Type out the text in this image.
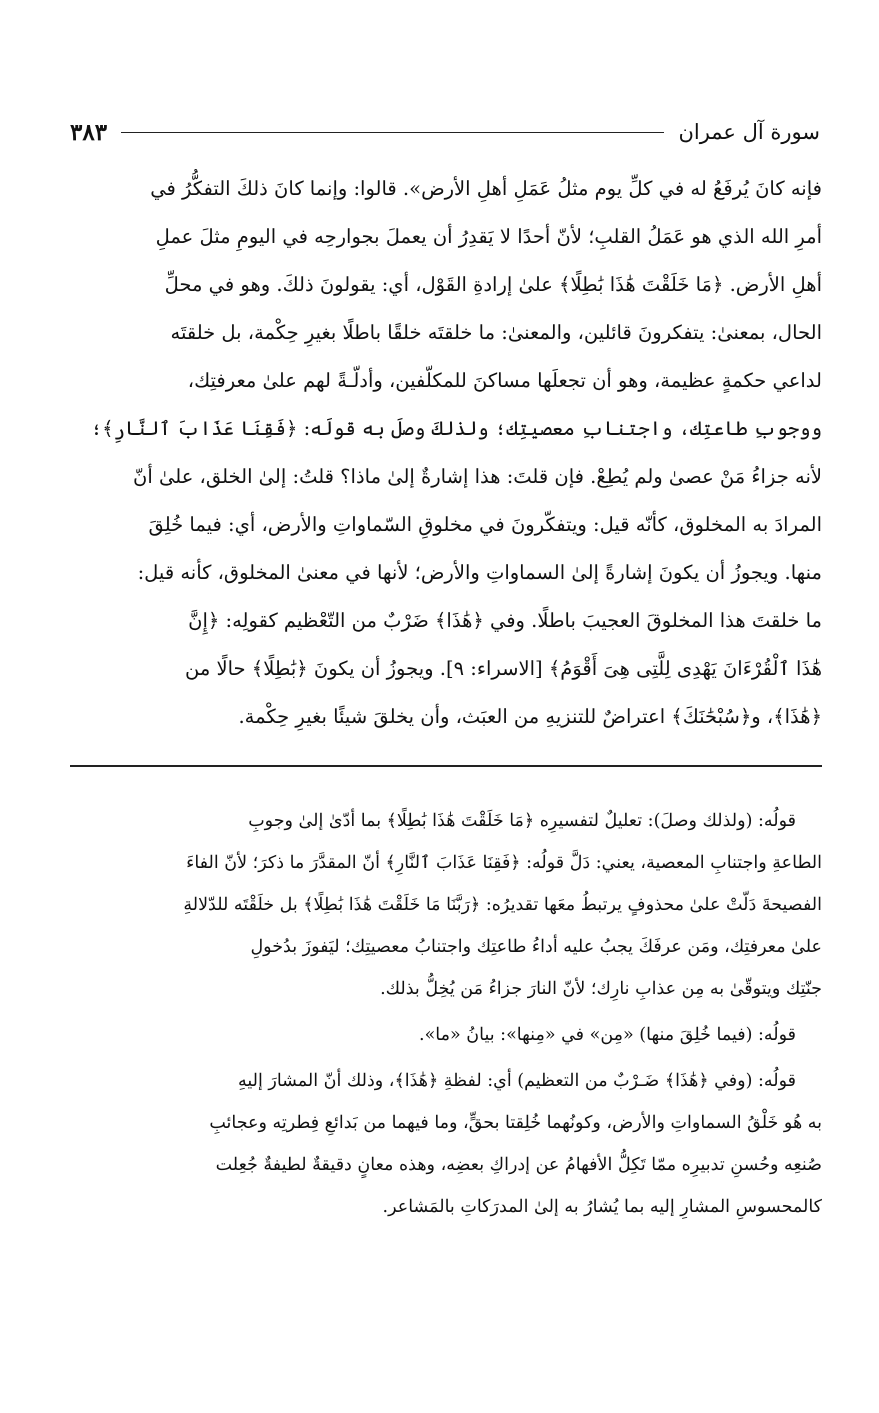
سورة آل عمران
٣٨٣
فإنه كانَ يُرفَعُ له في كلِّ يوم مثلُ عَمَلِ أهلِ الأرض». قالوا: وإنما كانَ ذلكَ التفكُّرُ في
أمرِ الله الذي هو عَمَلُ القلبِ؛ لأنّ أحدًا لا يَقدِرُ أن يعملَ بجوارحِه في اليومِ مثلَ عملِ
أهلِ الأرض. ﴿مَا خَلَقْتَ هَٰذَا بَٰطِلًا﴾ علىٰ إرادةِ القَوْل، أي: يقولونَ ذلكَ. وهو في محلِّ
الحال، بمعنىٰ: يتفكرونَ قائلين، والمعنىٰ: ما خلقتَه خلقًا باطلًا بغيرِ حِكْمة، بل خلقتَه
لداعي حكمةٍ عظيمة، وهو أن تجعلَها مساكنَ للمكلّفين، وأدلّـةً لهم علىٰ معرفتِك،
ووجوبِ طاعتِك، واجتنابِ معصيتِك؛ ولذلكَ وصلَ به قولَه: ﴿فَقِنَا عَذَابَ ٱلنَّارِ﴾؛
لأنه جزاءُ مَنْ عصىٰ ولم يُطِعْ. فإن قلتَ: هذا إشارةٌ إلىٰ ماذا؟ قلتُ: إلىٰ الخلق، علىٰ أنّ
المرادَ به المخلوق، كأنّه قيل: ويتفكّرونَ في مخلوقِ السّماواتِ والأرض، أي: فيما خُلِقَ
منها. ويجوزُ أن يكونَ إشارةً إلىٰ السماواتِ والأرض؛ لأنها في معنىٰ المخلوق، كأنه قيل:
ما خلقتَ هذا المخلوقَ العجيبَ باطلًا. وفي ﴿هَٰذَا﴾ ضَرْبٌ من التّعْظيم كقولِه: ﴿إِنَّ
هَٰذَا ٱلْقُرْءَانَ يَهْدِى لِلَّتِى هِىَ أَقْوَمُ﴾ [الاسراء: ٩]. ويجوزُ أن يكونَ ﴿بَٰطِلًا﴾ حالًا من
﴿هَٰذَا﴾، و﴿سُبْحَٰنَكَ﴾ اعتراضٌ للتنزيهِ من العبَث، وأن يخلقَ شيئًا بغيرِ حِكْمة.
قولُه: (ولذلك وصلَ): تعليلٌ لتفسيرِه ﴿مَا خَلَقْتَ هَٰذَا بَٰطِلًا﴾ بما أدّىٰ إلىٰ وجوبِ
الطاعةِ واجتنابِ المعصية، يعني: دَلَّ قولُه: ﴿فَقِنَا عَذَابَ ٱلنَّارِ﴾ أنّ المقدَّرَ ما ذكرَ؛ لأنّ الفاءَ
الفصيحةَ دَلّتْ علىٰ محذوفٍ يرتبطُ معَها تقديرُه: ﴿رَبَّنَا مَا خَلَقْتَ هَٰذَا بَٰطِلًا﴾ بل خلَقْتَه للدّلالةِ
علىٰ معرفتِك، ومَن عرفَكَ يجبُ عليه أداءُ طاعتِك واجتنابُ معصيتِك؛ ليَفوزَ بدُخولِ
جنّتِك ويتوقّىٰ به مِن عذابِ نارِك؛ لأنّ النارَ جزاءُ مَن يُخِلُّ بذلك.
قولُه: (فيما خُلِقَ منها) «مِن» في «مِنها»: بيانُ «ما».
قولُه: (وفي ﴿هَٰذَا﴾ ضَـرْبٌ من التعظيم) أي: لفظةِ ﴿هَٰذَا﴾، وذلك أنّ المشارَ إليهِ
به هُو خَلْقُ السماواتِ والأرض، وكونُهما خُلِقتا بحقٍّ، وما فيهما من بَدائعِ فِطرتِه وعجائبِ
صُنعِه وحُسنِ تدبيرِه ممّا تَكِلُّ الأفهامُ عن إدراكِ بعضِه، وهذه معانٍ دقيقةٌ لطيفةٌ جُعِلت
كالمحسوسِ المشارِ إليه بما يُشارُ به إلىٰ المدرَكاتِ بالمَشاعر.
